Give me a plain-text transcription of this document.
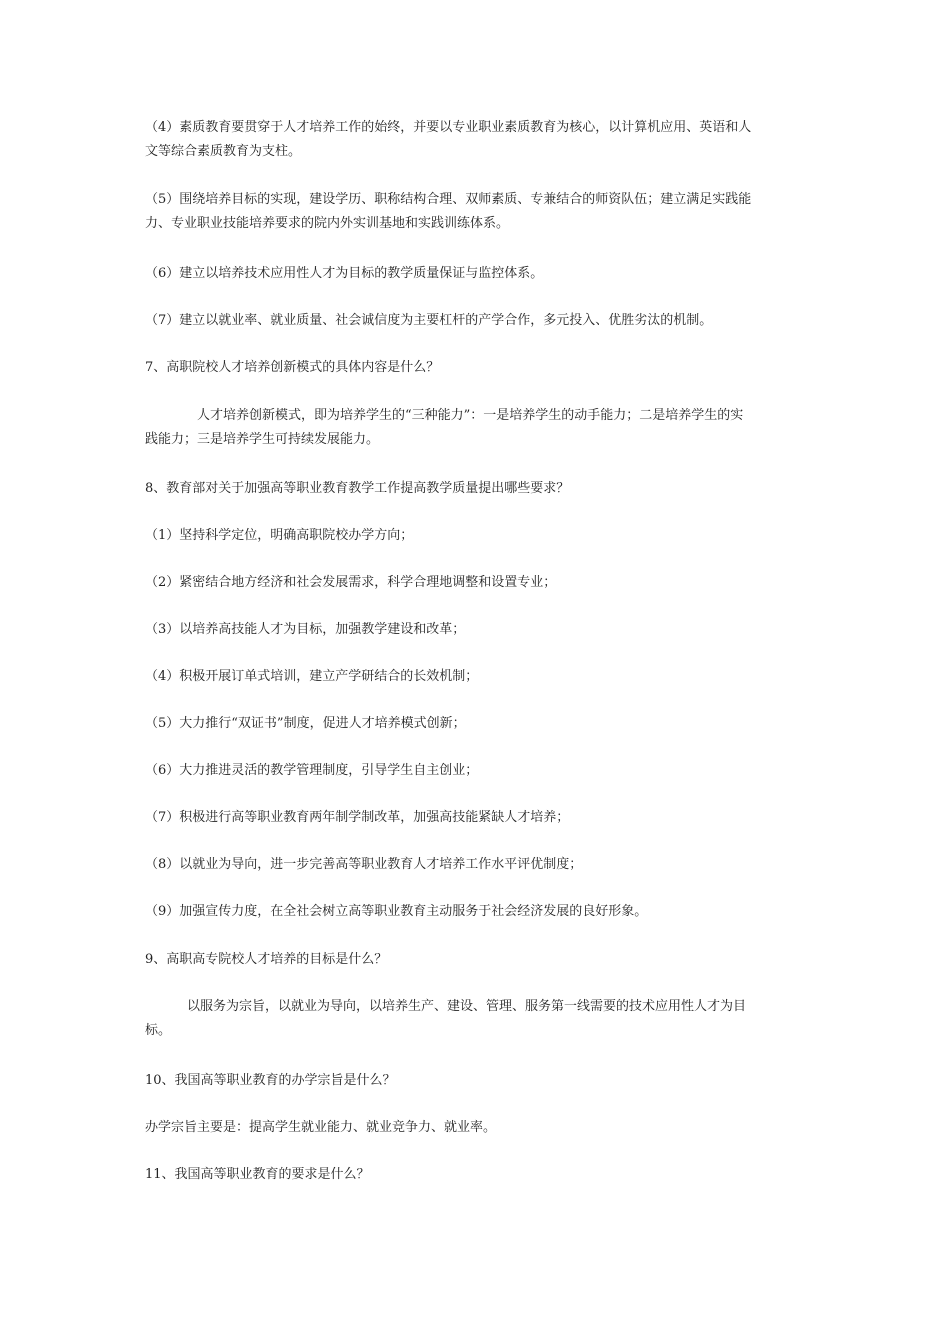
（4）素质教育要贯穿于人才培养工作的始终，并要以专业职业素质教育为核心，以计算机应用、英语和人
文等综合素质教育为支柱。
（5）围绕培养目标的实现，建设学历、职称结构合理、双师素质、专兼结合的师资队伍；建立满足实践能
力、专业职业技能培养要求的院内外实训基地和实践训练体系。

（6）建立以培养技术应用性人才为目标的教学质量保证与监控体系。

（7）建立以就业率、就业质量、社会诚信度为主要杠杆的产学合作，多元投入、优胜劣汰的机制。

7、高职院校人才培养创新模式的具体内容是什么？

人才培养创新模式，即为培养学生的“三种能力”：一是培养学生的动手能力；二是培养学生的实
践能力；三是培养学生可持续发展能力。

8、教育部对关于加强高等职业教育教学工作提高教学质量提出哪些要求？

（1）坚持科学定位，明确高职院校办学方向；

（2）紧密结合地方经济和社会发展需求，科学合理地调整和设置专业；

（3）以培养高技能人才为目标，加强教学建设和改革；

（4）积极开展订单式培训，建立产学研结合的长效机制；

（5）大力推行“双证书”制度，促进人才培养模式创新；

（6）大力推进灵活的教学管理制度，引导学生自主创业；

（7）积极进行高等职业教育两年制学制改革，加强高技能紧缺人才培养；

（8）以就业为导向，进一步完善高等职业教育人才培养工作水平评优制度；

（9）加强宣传力度，在全社会树立高等职业教育主动服务于社会经济发展的良好形象。

9、高职高专院校人才培养的目标是什么？

以服务为宗旨，以就业为导向，以培养生产、建设、管理、服务第一线需要的技术应用性人才为目
标。

10、我国高等职业教育的办学宗旨是什么？

办学宗旨主要是：提高学生就业能力、就业竞争力、就业率。

11、我国高等职业教育的要求是什么？
